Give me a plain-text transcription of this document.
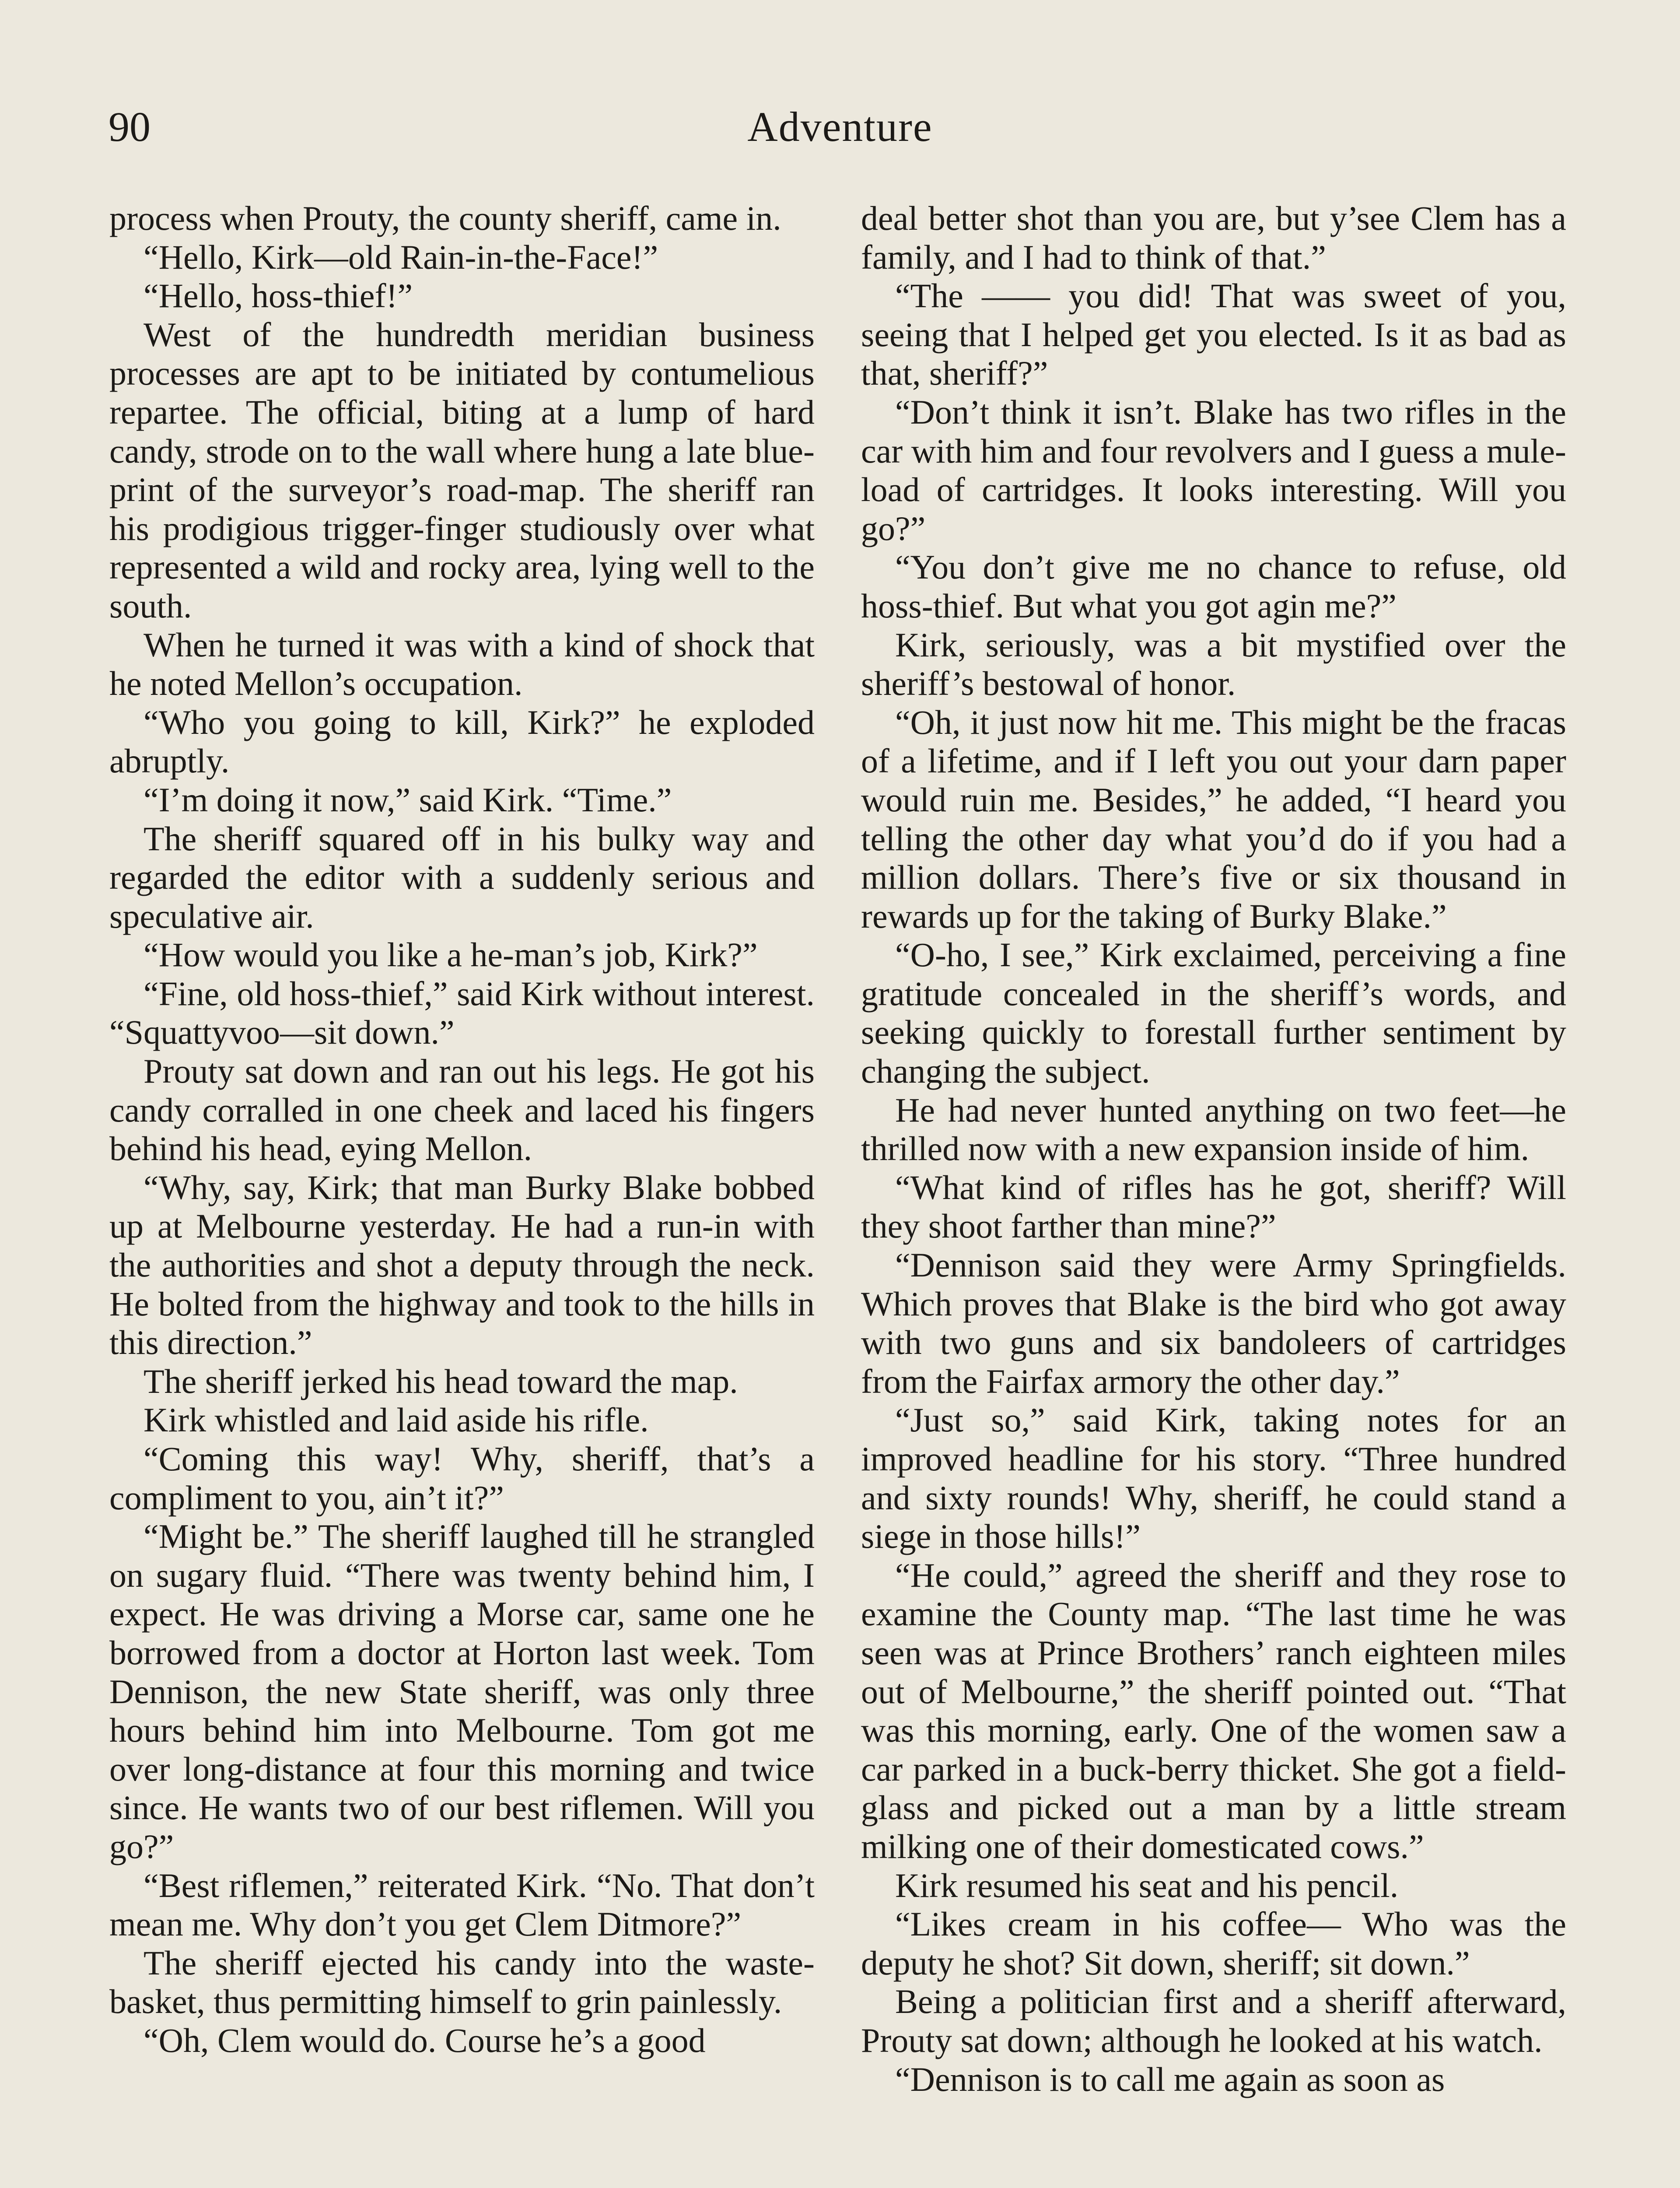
90	Adventure

process when Prouty, the county sheriff, came in.

“Hello, Kirk—old Rain-in-the-Face!”

“Hello, hoss-thief!”

West of the hundredth meridian business processes are apt to be initiated by contumelious repartee. The official, biting at a lump of hard candy, strode on to the wall where hung a late blue-print of the surveyor’s road-map. The sheriff ran his prodigious trigger-finger studiously over what represented a wild and rocky area, lying well to the south.

When he turned it was with a kind of shock that he noted Mellon’s occupation.

“Who you going to kill, Kirk?” he exploded abruptly.

“I’m doing it now,” said Kirk. “Time.”

The sheriff squared off in his bulky way and regarded the editor with a suddenly serious and speculative air.

“How would you like a he-man’s job, Kirk?”

“Fine, old hoss-thief,” said Kirk without interest. “Squattyvoo—sit down.”

Prouty sat down and ran out his legs. He got his candy corralled in one cheek and laced his fingers behind his head, eying Mellon.

“Why, say, Kirk; that man Burky Blake bobbed up at Melbourne yesterday. He had a run-in with the authorities and shot a deputy through the neck. He bolted from the highway and took to the hills in this direction.”

The sheriff jerked his head toward the map.

Kirk whistled and laid aside his rifle.

“Coming this way! Why, sheriff, that’s a compliment to you, ain’t it?”

“Might be.” The sheriff laughed till he strangled on sugary fluid. “There was twenty behind him, I expect. He was driving a Morse car, same one he borrowed from a doctor at Horton last week. Tom Dennison, the new State sheriff, was only three hours behind him into Melbourne. Tom got me over long-distance at four this morning and twice since. He wants two of our best riflemen. Will you go?”

“Best riflemen,” reiterated Kirk. “No. That don’t mean me. Why don’t you get Clem Ditmore?”

The sheriff ejected his candy into the waste-basket, thus permitting himself to grin painlessly.

“Oh, Clem would do. Course he’s a good

deal better shot than you are, but y’see Clem has a family, and I had to think of that.”

“The —— you did! That was sweet of you, seeing that I helped get you elected. Is it as bad as that, sheriff?”

“Don’t think it isn’t. Blake has two rifles in the car with him and four revolvers and I guess a mule-load of cartridges. It looks interesting. Will you go?”

“You don’t give me no chance to refuse, old hoss-thief. But what you got agin me?”

Kirk, seriously, was a bit mystified over the sheriff’s bestowal of honor.

“Oh, it just now hit me. This might be the fracas of a lifetime, and if I left you out your darn paper would ruin me. Besides,” he added, “I heard you telling the other day what you’d do if you had a million dollars. There’s five or six thousand in rewards up for the taking of Burky Blake.”

“O-ho, I see,” Kirk exclaimed, perceiving a fine gratitude concealed in the sheriff’s words, and seeking quickly to forestall further sentiment by changing the subject.

He had never hunted anything on two feet—he thrilled now with a new expansion inside of him.

“What kind of rifles has he got, sheriff? Will they shoot farther than mine?”

“Dennison said they were Army Springfields. Which proves that Blake is the bird who got away with two guns and six bandoleers of cartridges from the Fairfax armory the other day.”

“Just so,” said Kirk, taking notes for an improved headline for his story. “Three hundred and sixty rounds! Why, sheriff, he could stand a siege in those hills!”

“He could,” agreed the sheriff and they rose to examine the County map. “The last time he was seen was at Prince Brothers’ ranch eighteen miles out of Melbourne,” the sheriff pointed out. “That was this morning, early. One of the women saw a car parked in a buck-berry thicket. She got a field-glass and picked out a man by a little stream milking one of their domesticated cows.”

Kirk resumed his seat and his pencil.

“Likes cream in his coffee— Who was the deputy he shot? Sit down, sheriff; sit down.”

Being a politician first and a sheriff afterward, Prouty sat down; although he looked at his watch.

“Dennison is to call me again as soon as
